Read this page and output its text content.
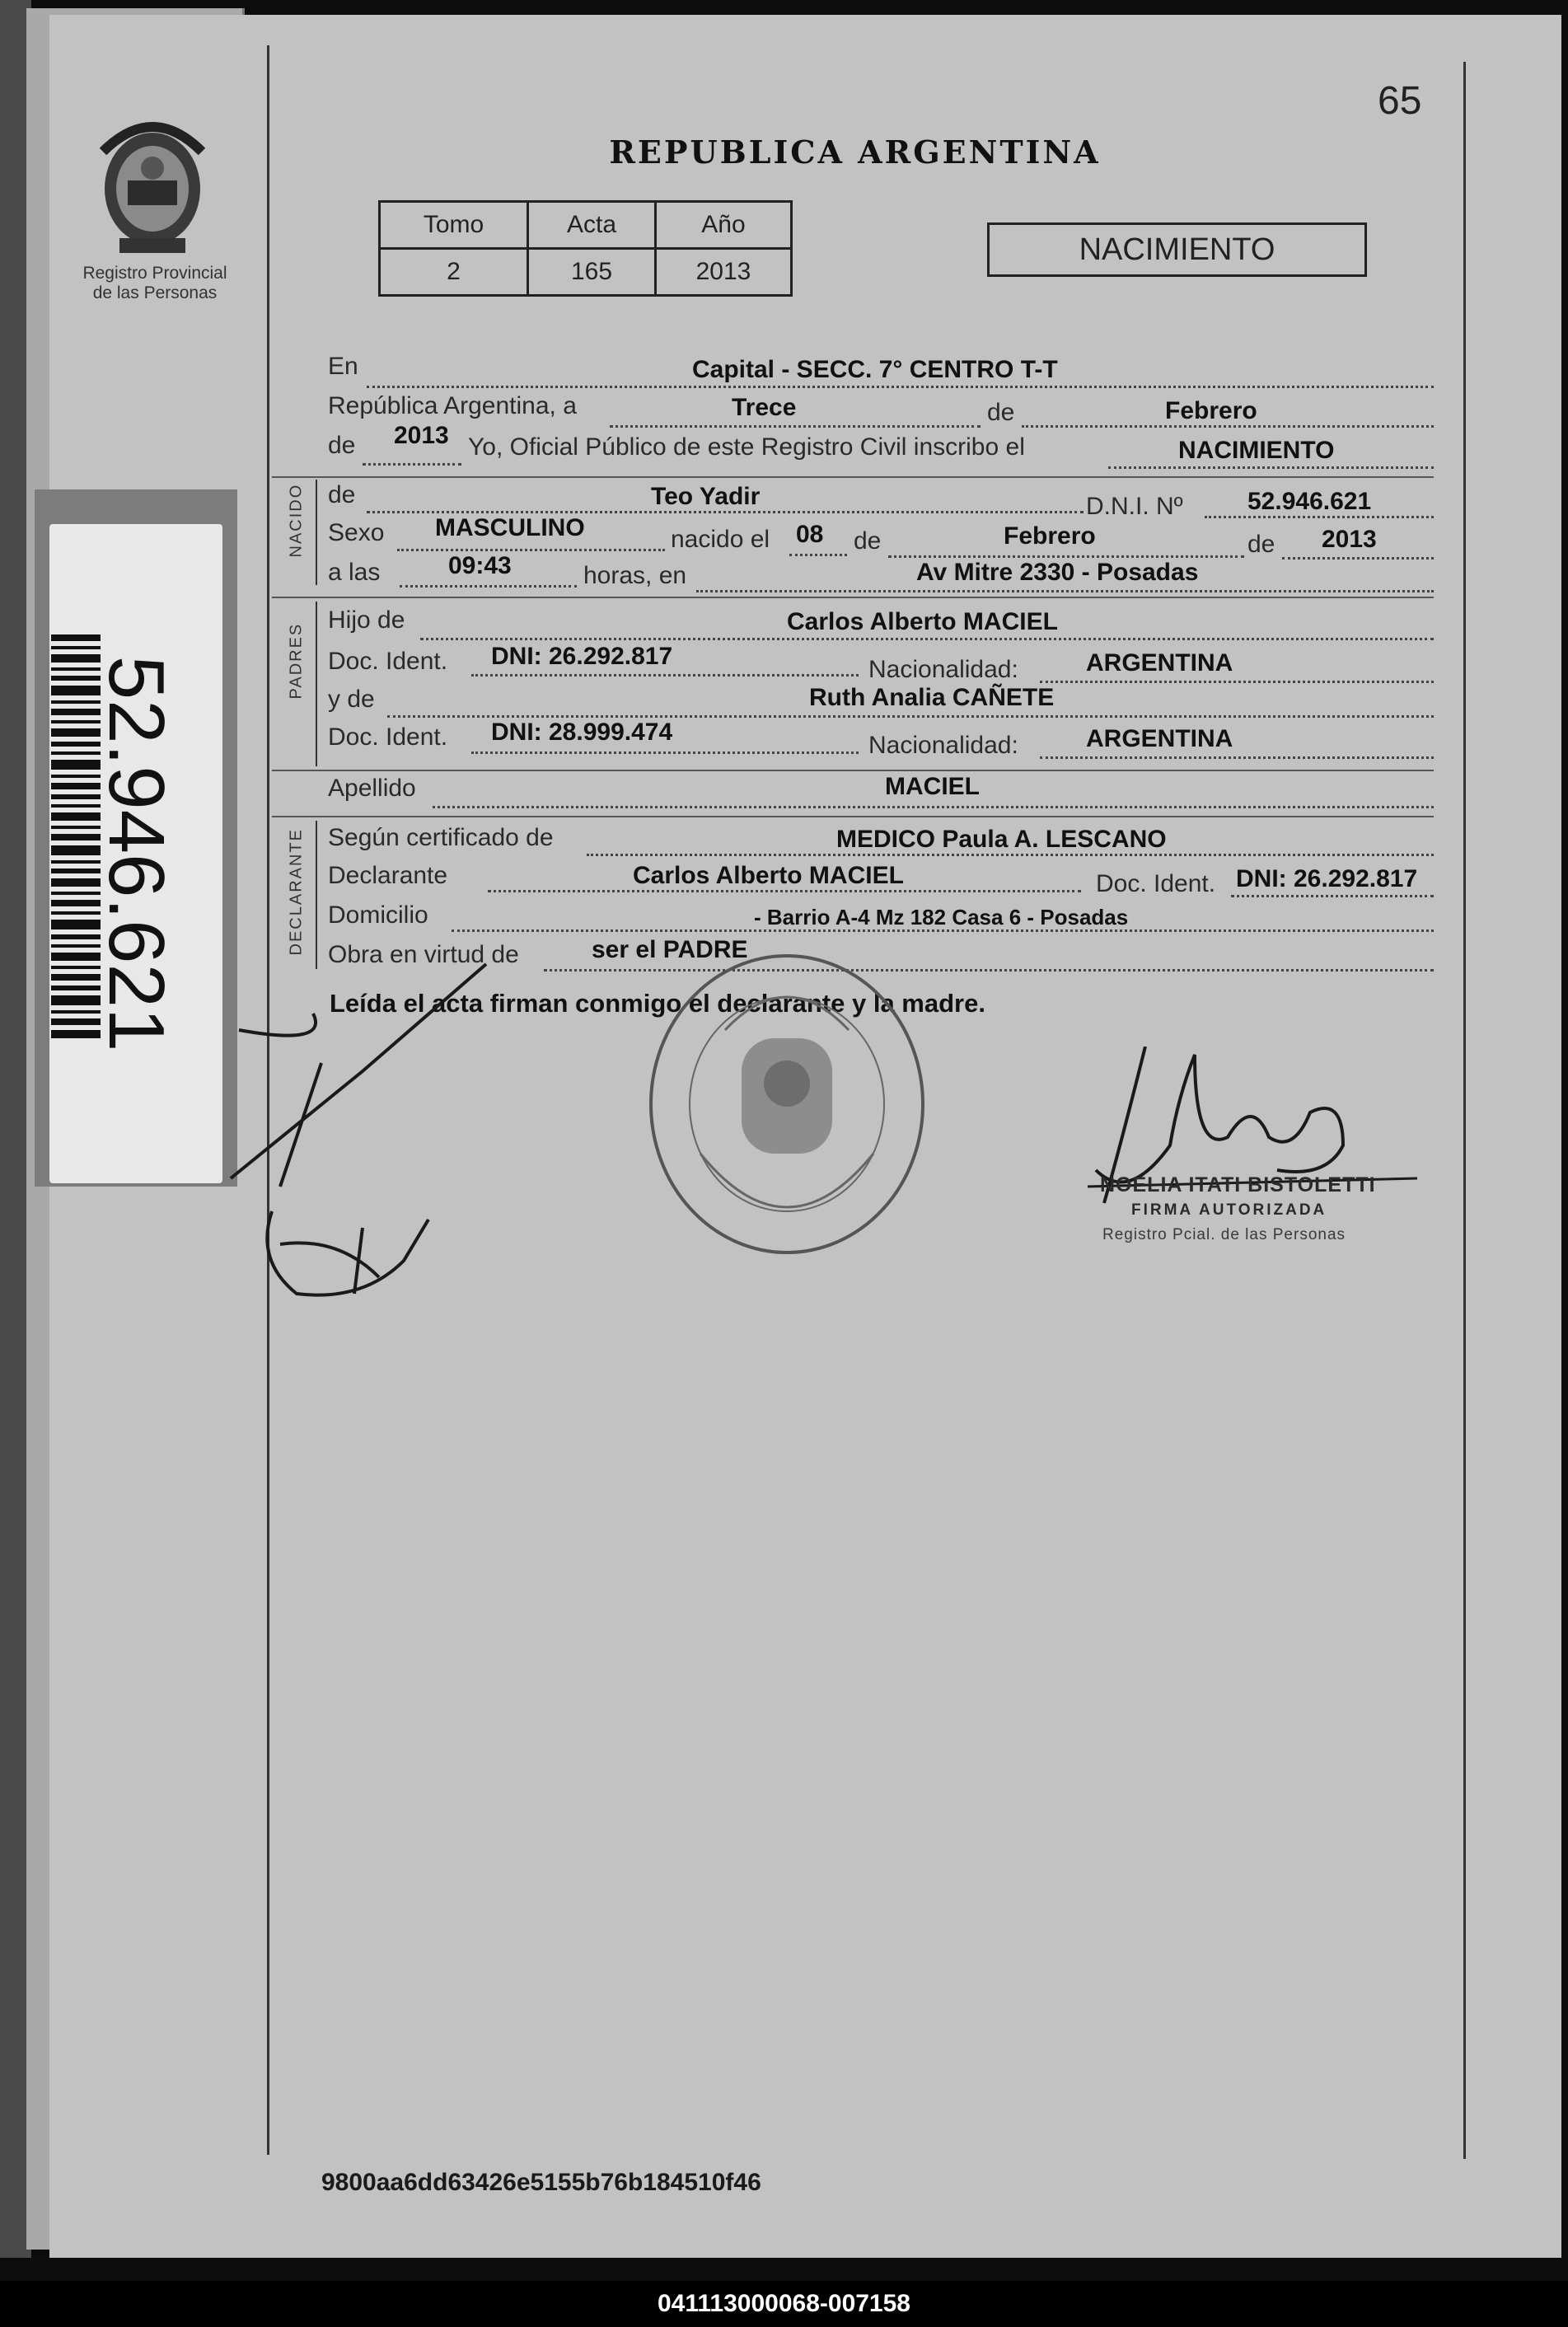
Registro Provincial
de las Personas
52.946.621
65
REPUBLICA ARGENTINA
Tomo	Acta	Año
2	165	2013
NACIMIENTO
En	Capital - SECC. 7° CENTRO T-T
República Argentina, a	Trece	de	Febrero
de 2013 Yo, Oficial Público de este Registro Civil inscribo el	NACIMIENTO
NACIDO de	Teo Yadir	D.N.I. Nº	52.946.621
Sexo MASCULINO	nacido el 08 de	Febrero	de 2013
a las	09:43	horas, en	Av Mitre 2330 - Posadas
PADRES
Hijo de	Carlos Alberto MACIEL
Doc. Ident. DNI: 26.292.817	Nacionalidad:	ARGENTINA
y de	Ruth Analia CAÑETE
Doc. Ident. DNI: 28.999.474	Nacionalidad:	ARGENTINA
Apellido	MACIEL
DECLARANTE Según certificado de	MEDICO Paula A. LESCANO
Declarante	Carlos Alberto MACIEL	Doc. Ident. DNI: 26.292.817
Domicilio	- Barrio A-4 Mz 182 Casa 6 - Posadas
Obra en virtud de	ser el PADRE
Leída el acta firman conmigo el declarante y la madre.
NOELIA ITATI BISTOLETTI
FIRMA AUTORIZADA
Registro Pcial. de las Personas
9800aa6dd63426e5155b76b184510f46
041113000068-007158
